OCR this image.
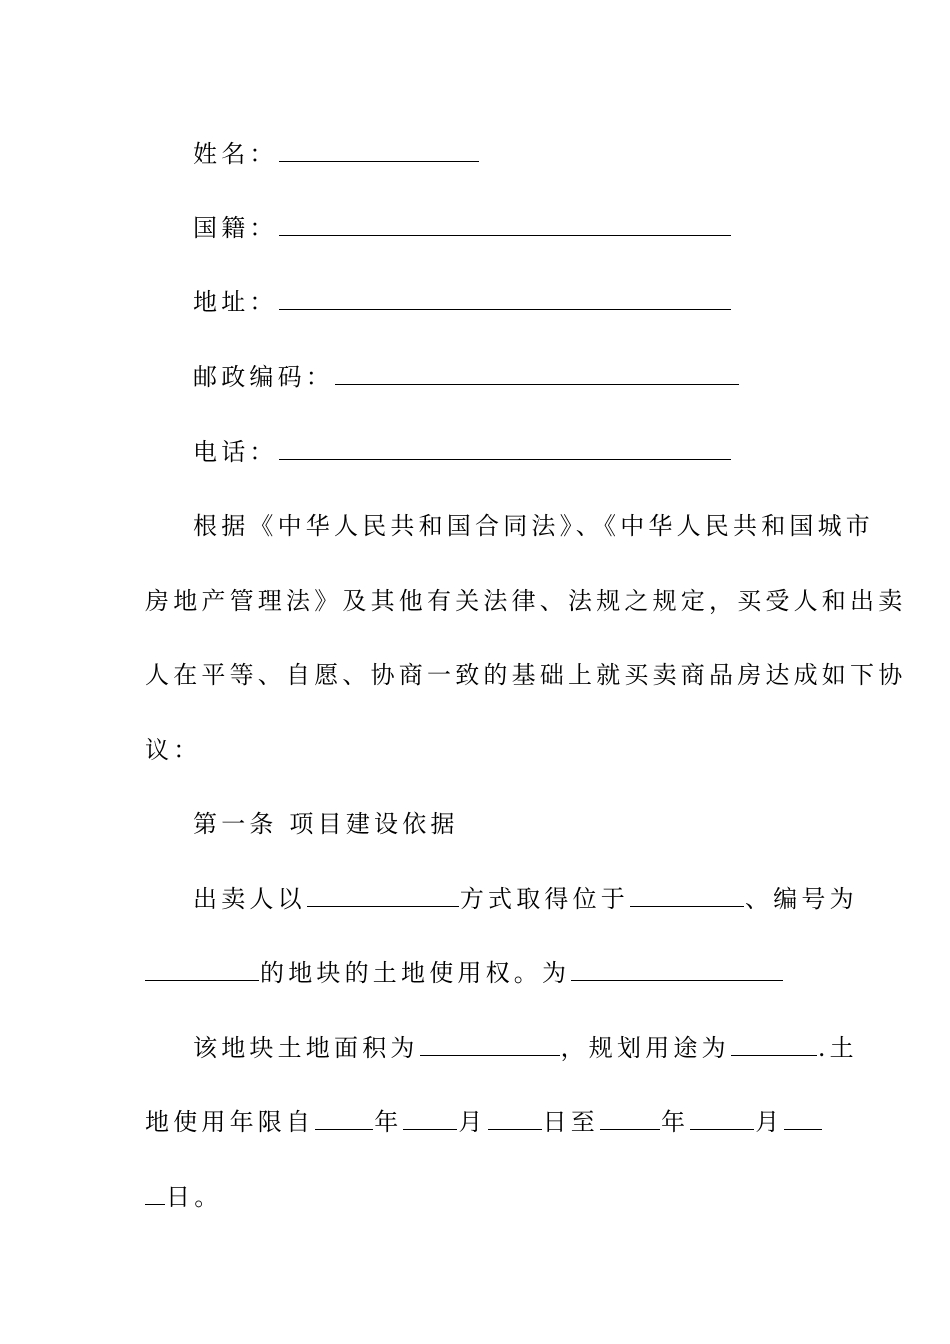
姓名：
国籍：
地址：
邮政编码：
电话：
根据《中华人民共和国合同法》、《中华人民共和国城市
房地产管理法》及其他有关法律、法规之规定，买受人和出卖
人在平等、自愿、协商一致的基础上就买卖商品房达成如下协
议：
第一条 项目建设依据
出卖人以	方式取得位于	、编号为
的地块的土地使用权。为
该地块土地面积为	，规划用途为	.土
地使用年限自	年 月 日至	年	月
日。
